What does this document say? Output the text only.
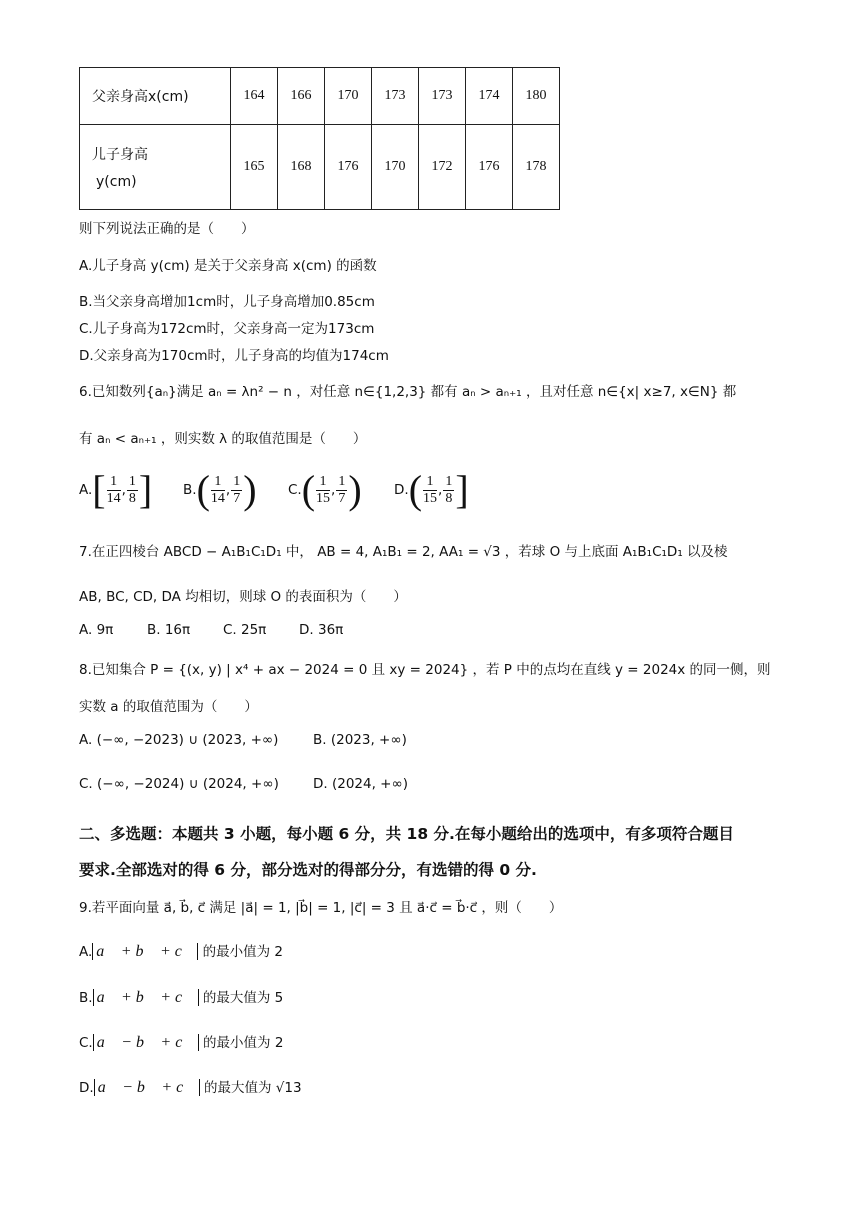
父亲身高x(cm)	164	166	170	173	173	174	180

儿子身高
y(cm)	165	168	176	170	172	176	178
则下列说法正确的是（　　）
A.儿子身高 y(cm) 是关于父亲身高 x(cm) 的函数
B.当父亲身高增加1cm时，儿子身高增加0.85cm
C.儿子身高为172cm时，父亲身高一定为173cm
D.父亲身高为170cm时，儿子身高的均值为174cm
6.已知数列{aₙ}满足 aₙ = λn² − n ，对任意 n∈{1,2,3} 都有 aₙ > aₙ₊₁ ，且对任意 n∈{x| x≥7, x∈N} 都
有 aₙ < aₙ₊₁ ，则实数 λ 的取值范围是（　　）
$A.[ \frac{1}{14}$ , $\frac{1}{8}$ ] $B.( \frac{1}{14}$ , $\frac{1}{7}$ ) $C.( \frac{1}{15}$ , $\frac{1}{7}$ ) $D.( \frac{1}{15}$ , $\frac{1}{8}$ ]
7.在正四棱台 ABCD − A₁B₁C₁D₁ 中， AB = 4, A₁B₁ = 2, AA₁ = √3 ，若球 O 与上底面 A₁B₁C₁D₁ 以及棱
AB, BC, CD, DA 均相切，则球 O 的表面积为（　　）
A. 9π B. 16π C. 25π D. 36π
8.已知集合 P = {(x, y) | x⁴ + ax − 2024 = 0 且 xy = 2024} ，若 P 中的点均在直线 y = 2024x 的同一侧，则
实数 a 的取值范围为（　　）
A. (−∞, −2023) ∪ (2023, +∞)	B. (2023, +∞)
C. (−∞, −2024) ∪ (2024, +∞)	D. (2024, +∞)
二、多选题：本题共 3 小题，每小题 6 分，共 18 分.在每小题给出的选项中，有多项符合题目
要求.全部选对的得 6 分，部分选对的得部分分，有选错的得 0 分.
9.若平面向量 a⃗, b⃗, c⃗ 满足 |a⃗| = 1, |b⃗| = 1, |c⃗| = 3 且 a⃗·c⃗ = b⃗·c⃗ ，则（　　）
A. a⃗ + b⃗ + c⃗ 的最小值为 2
B. a⃗ + b⃗ + c⃗ 的最大值为 5
C. a⃗ − b⃗ + c⃗ 的最小值为 2
D. a⃗ − b⃗ + c⃗ 的最大值为 √13
